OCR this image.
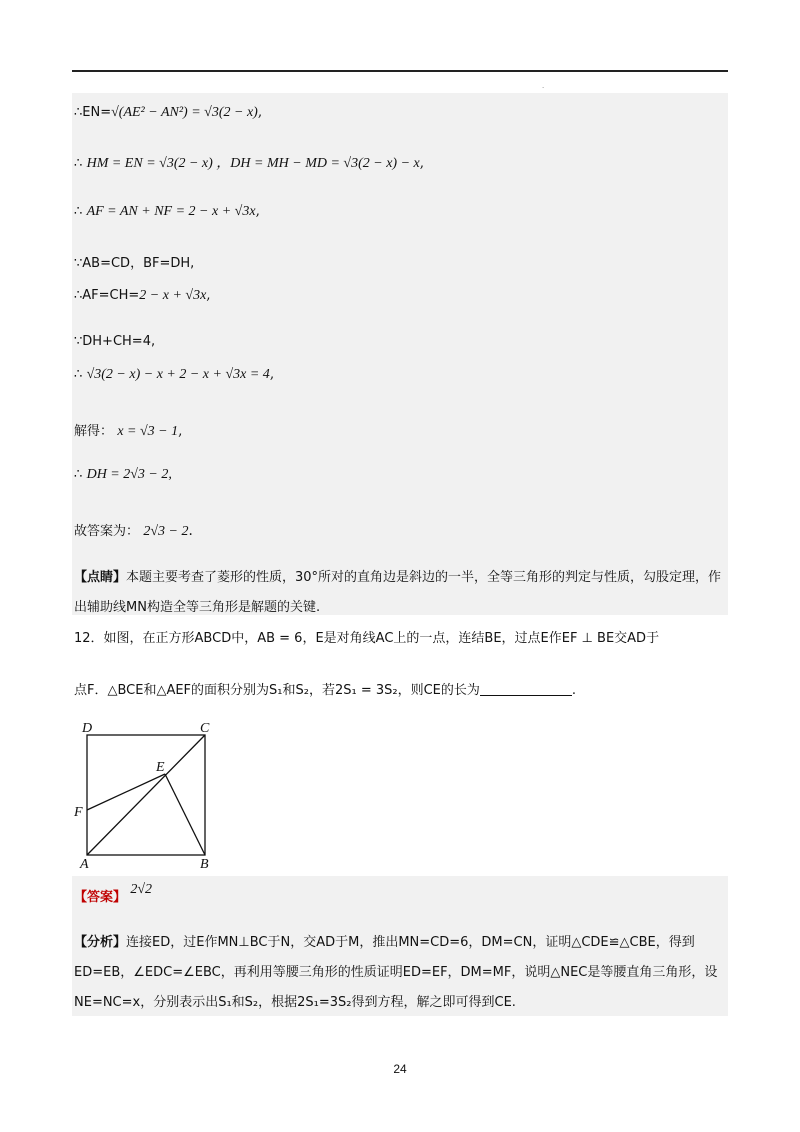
·
∴EN=√(AE² − AN²) = √3(2 − x),
∴ HM = EN = √3(2 − x) ，DH = MH − MD = √3(2 − x) − x,
∴ AF = AN + NF = 2 − x + √3x,
∵AB=CD，BF=DH,
∴AF=CH=2 − x + √3x,
∵DH+CH=4,
∴ √3(2 − x) − x + 2 − x + √3x = 4,
解得： x = √3 − 1,
∴ DH = 2√3 − 2,
故答案为： 2√3 − 2.
【点睛】本题主要考查了菱形的性质，30°所对的直角边是斜边的一半，全等三角形的判定与性质，勾股定理，作出辅助线MN构造全等三角形是解题的关键.
12．如图，在正方形ABCD中，AB = 6，E是对角线AC上的一点，连结BE，过点E作EF ⊥ BE交AD于
点F．△BCE和△AEF的面积分别为S₁和S₂，若2S₁ = 3S₂，则CE的长为	.
D	C
E
F
A	B
【答案】 2√2
【分析】连接ED，过E作MN⊥BC于N，交AD于M，推出MN=CD=6，DM=CN，证明△CDE≌△CBE，得到ED=EB，∠EDC=∠EBC，再利用等腰三角形的性质证明ED=EF，DM=MF，说明△NEC是等腰直角三角形，设NE=NC=x，分别表示出S₁和S₂，根据2S₁=3S₂得到方程，解之即可得到CE.
24
